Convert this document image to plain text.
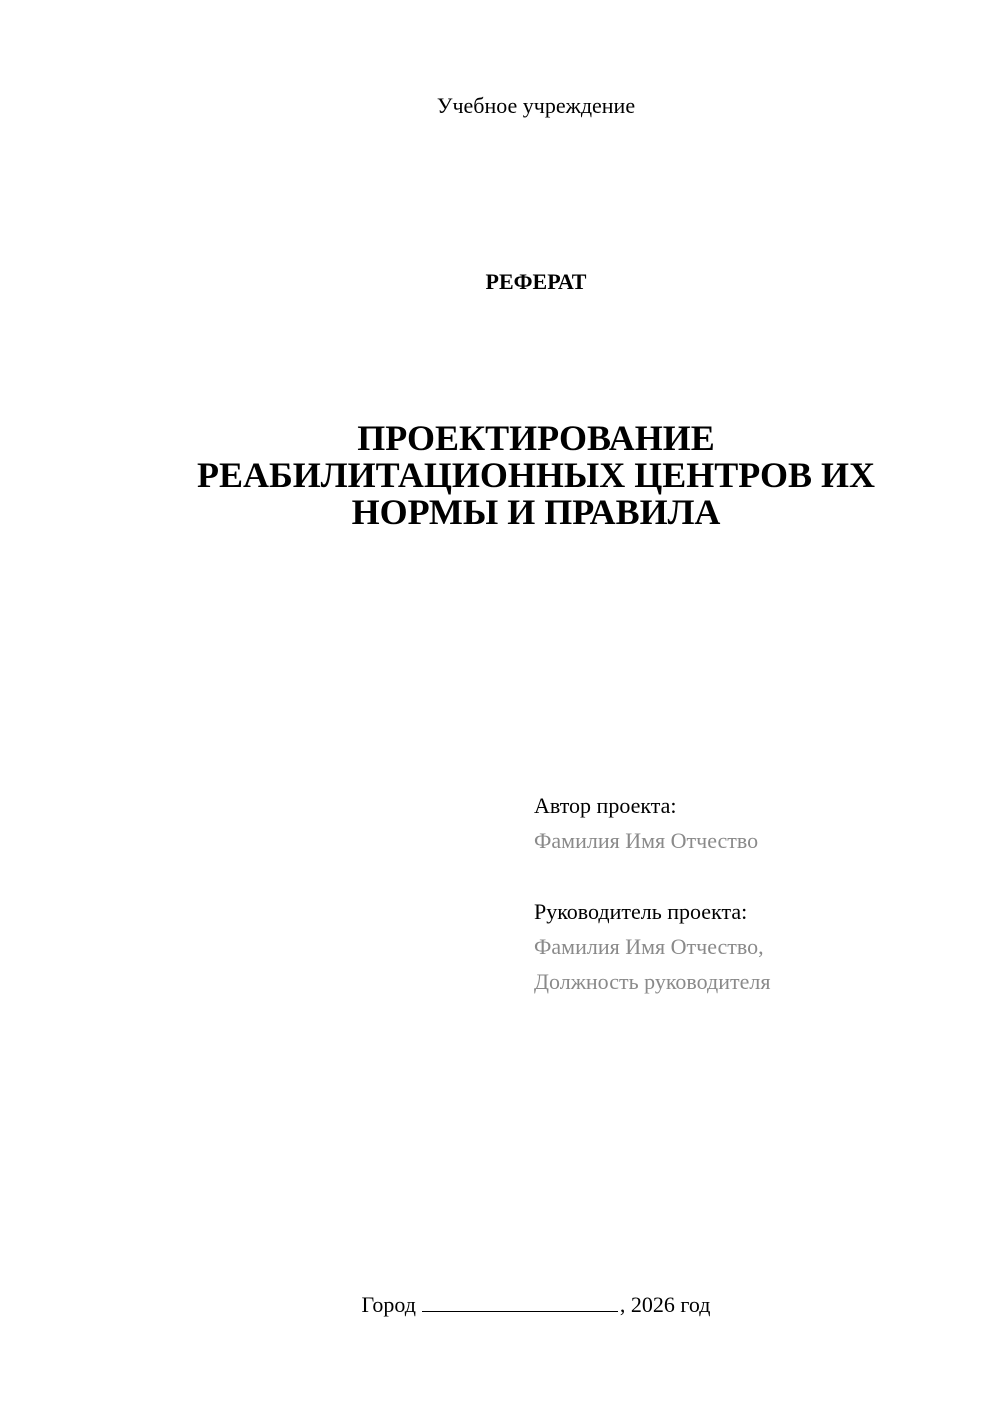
Учебное учреждение
РЕФЕРАТ
ПРОЕКТИРОВАНИЕ
РЕАБИЛИТАЦИОННЫХ ЦЕНТРОВ ИХ
НОРМЫ И ПРАВИЛА
Автор проекта:
Фамилия Имя Отчество
Руководитель проекта:
Фамилия Имя Отчество,
Должность руководителя
Город	, 2026 год
